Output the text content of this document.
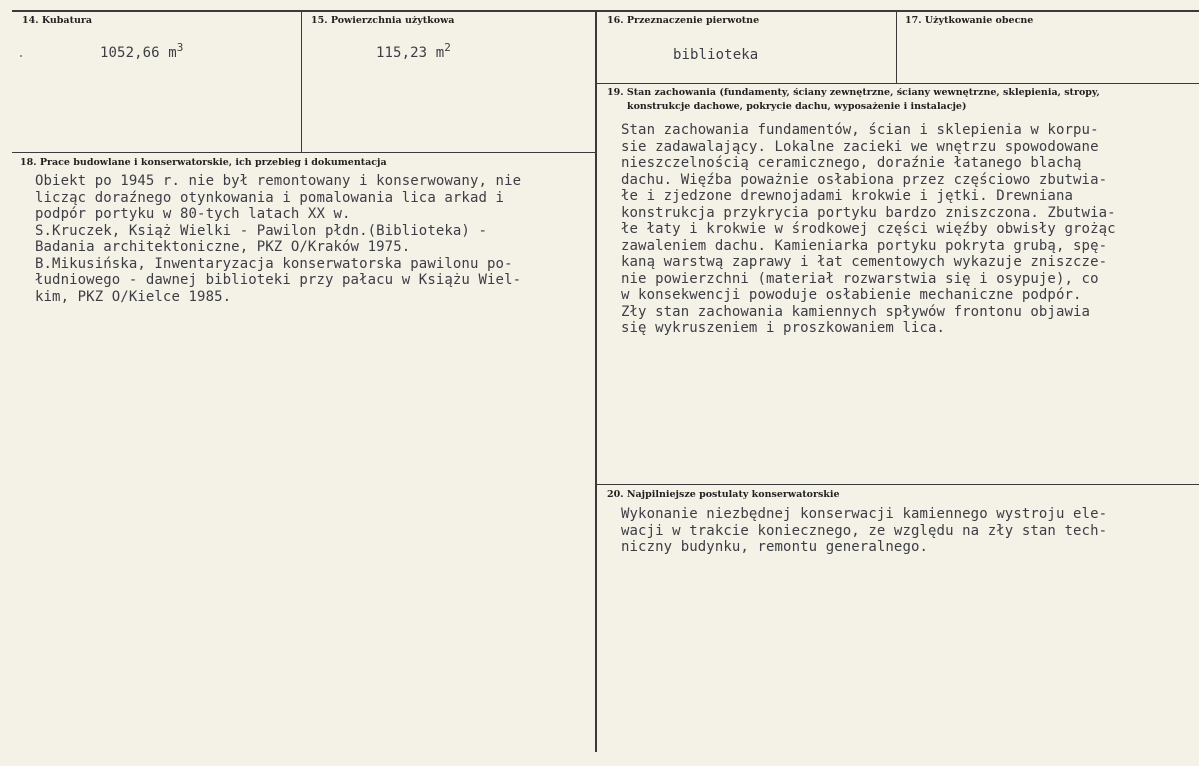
14. Kubatura
1052,66 $m^3$
15. Powierzchnia użytkowa
115,23 $m^2$
16. Przeznaczenie pierwotne
biblioteka
17. Użytkowanie obecne
19. Stan zachowania (fundamenty, ściany zewnętrzne, ściany wewnętrzne, sklepienia, stropy,
konstrukcje dachowe, pokrycie dachu, wyposażenie i instalacje)
Stan zachowania fundamentów, ścian i sklepienia w korpu-
sie zadawalający. Lokalne zacieki we wnętrzu spowodowane
nieszczelnością ceramicznego, doraźnie łatanego blachą
dachu. Więźba poważnie osłabiona przez częściowo zbutwia-
łe i zjedzone drewnojadami krokwie i jętki. Drewniana
konstrukcja przykrycia portyku bardzo zniszczona. Zbutwia-
łe łaty i krokwie w środkowej części więźby obwisły grożąc
zawaleniem dachu. Kamieniarka portyku pokryta grubą, spę-
kaną warstwą zaprawy i łat cementowych wykazuje zniszcze-
nie powierzchni (materiał rozwarstwia się i osypuje), co
w konsekwencji powoduje osłabienie mechaniczne podpór.
Zły stan zachowania kamiennych spływów frontonu objawia
się wykruszeniem i proszkowaniem lica.
18. Prace budowlane i konserwatorskie, ich przebieg i dokumentacja
Obiekt po 1945 r. nie był remontowany i konserwowany, nie
licząc doraźnego otynkowania i pomalowania lica arkad i
podpór portyku w 80-tych latach XX w.
S.Kruczek, Książ Wielki - Pawilon płdn.(Biblioteka) -
Badania architektoniczne, PKZ O/Kraków 1975.
B.Mikusińska, Inwentaryzacja konserwatorska pawilonu po-
łudniowego - dawnej biblioteki przy pałacu w Książu Wiel-
kim, PKZ O/Kielce 1985.
20. Najpilniejsze postulaty konserwatorskie
Wykonanie niezbędnej konserwacji kamiennego wystroju ele-
wacji w trakcie koniecznego, ze względu na zły stan tech-
niczny budynku, remontu generalnego.
